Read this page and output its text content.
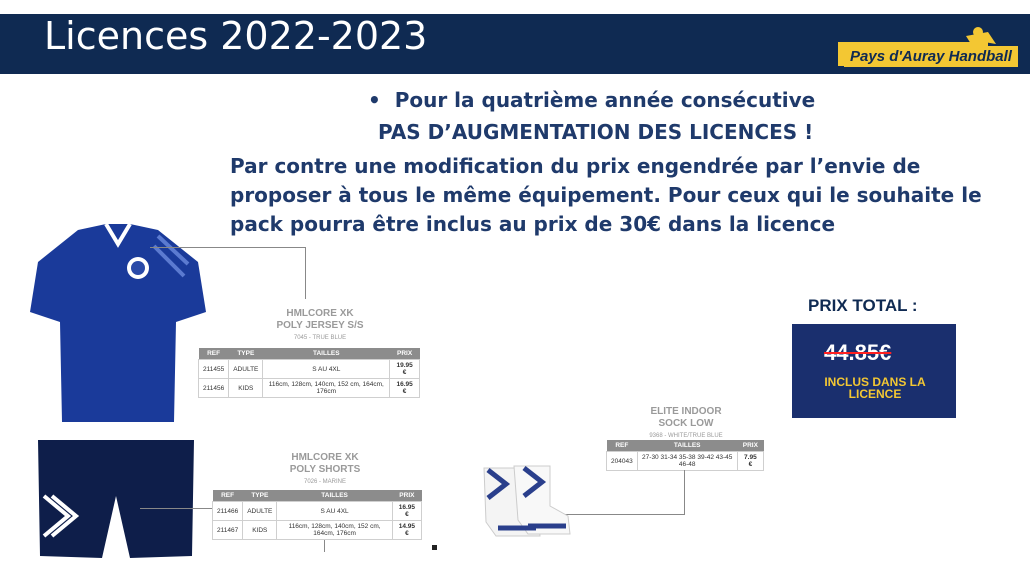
Licences 2022-2023	Pays d'Auray Handball
•  Pour la quatrième année consécutive
PAS D’AUGMENTATION DES LICENCES !
Par contre une modification du prix engendrée par l’envie de proposer à tous le même équipement. Pour ceux qui le souhaite le pack pourra être inclus au prix de 30€ dans la licence
HMLCORE XK
POLY JERSEY S/S
7045 - TRUE BLUE
REF	TYPE	TAILLES	PRIX
211455	ADULTE	S AU 4XL	19.95 €
211456	KIDS	116cm, 128cm, 140cm, 152 cm, 164cm, 176cm	16.95 €
HMLCORE XK
POLY SHORTS
7026 - MARINE
REF	TYPE	TAILLES	PRIX
211466	ADULTE	S AU 4XL	16.95 €
211467	KIDS	116cm, 128cm, 140cm, 152 cm, 164cm, 176cm	14.95 €
ELITE INDOOR
SOCK LOW
9368 - WHITE/TRUE BLUE
REF	TAILLES	PRIX
204043	27-30 31-34 35-38 39-42 43-45 46-48	7.95 €
PRIX TOTAL :
44.85€
INCLUS DANS LA LICENCE
